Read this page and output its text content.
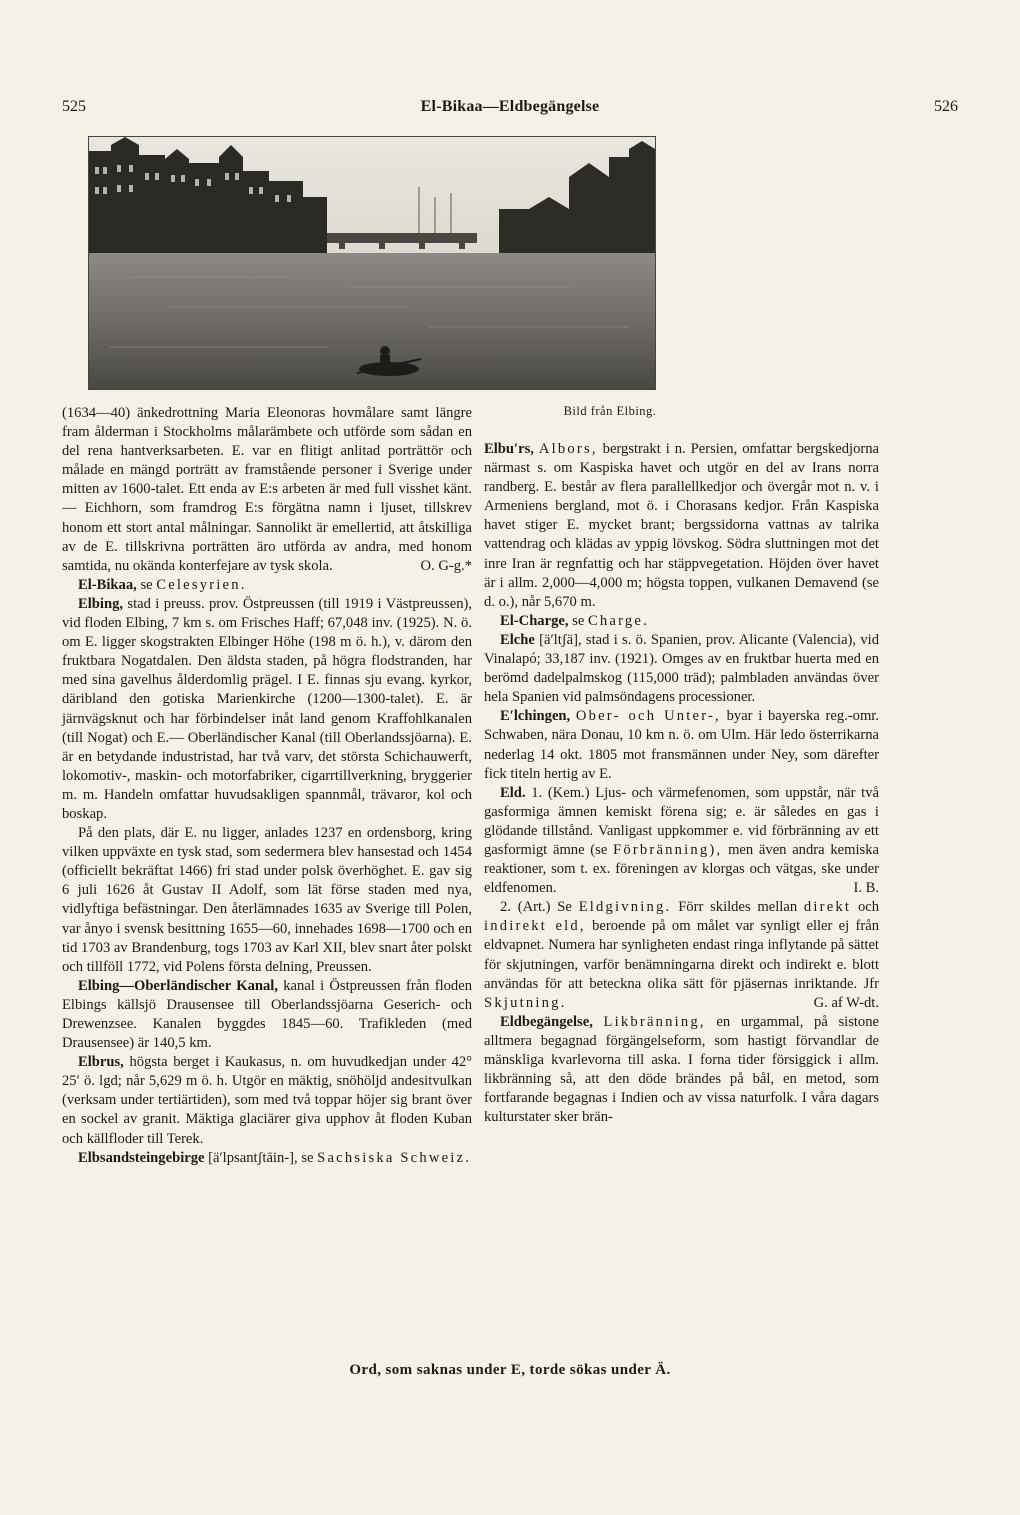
525	El-Bikaa—Eldbegängelse	526

(1634—40) änkedrottning Maria Eleonoras hovmålare samt längre fram ålderman i Stockholms målarämbete och utförde som sådan en del rena hantverksarbeten. E. var en flitigt anlitad porträttör och målade en mängd porträtt av framstående personer i Sverige under mitten av 1600-talet. Ett enda av E:s arbeten är med full visshet känt. — Eichhorn, som framdrog E:s förgätna namn i ljuset, tillskrev honom ett stort antal målningar. Sannolikt är emellertid, att åtskilliga av de E. tillskrivna porträtten äro utförda av andra, med honom samtida, nu okända konterfejare av tysk skola.	O. G-g.*

El-Bikaa, se Celesyrien.

Elbing, stad i preuss. prov. Östpreussen (till 1919 i Västpreussen), vid floden Elbing, 7 km s. om Frisches Haff; 67,048 inv. (1925). N. ö. om E. ligger skogstrakten Elbinger Höhe (198 m ö. h.), v. därom den fruktbara Nogatdalen. Den äldsta staden, på högra flodstranden, har med sina gavelhus ålderdomlig prägel. I E. finnas sju evang. kyrkor, däribland den gotiska Marienkirche (1200—1300-talet). E. är järnvägsknut och har förbindelser inåt land genom Kraffohlkanalen (till Nogat) och E.— Oberländischer Kanal (till Oberlandssjöarna). E. är en betydande industristad, har två varv, det största Schichauwerft, lokomotiv-, maskin- och motorfabriker, cigarrtillverkning, bryggerier m. m. Handeln omfattar huvudsakligen spannmål, trävaror, kol och boskap.

På den plats, där E. nu ligger, anlades 1237 en ordensborg, kring vilken uppväxte en tysk stad, som sedermera blev hansestad och 1454 (officiellt bekräftat 1466) fri stad under polsk överhöghet. E. gav sig 6 juli 1626 åt Gustav II Adolf, som lät förse staden med nya, vidlyftiga befästningar. Den återlämnades 1635 av Sverige till Polen, var ånyo i svensk besittning 1655—60, innehades 1698—1700 och en tid 1703 av Brandenburg, togs 1703 av Karl XII, blev snart åter polskt och tillföll 1772, vid Polens första delning, Preussen.

Elbing—Oberländischer Kanal, kanal i Östpreussen från floden Elbings källsjö Drausensee till Oberlandssjöarna Geserich- och Drewenzsee. Kanalen byggdes 1845—60. Trafikleden (med Drausensee) är 140,5 km.

Elbrus, högsta berget i Kaukasus, n. om huvudkedjan under 42° 25′ ö. lgd; når 5,629 m ö. h. Utgör en mäktig, snöhöljd andesitvulkan (verksam under tertiärtiden), som med två toppar höjer sig brant över en sockel av granit. Mäktiga glaciärer giva upphov åt floden Kuban och källfloder till Terek.

Elbsandsteingebirge [äʹlpsantʃtāin-], se Sachsiska Schweiz.

Bild från Elbing.

Elbuʹrs, Albors, bergstrakt i n. Persien, omfattar bergskedjorna närmast s. om Kaspiska havet och utgör en del av Irans norra randberg. E. består av flera parallellkedjor och övergår mot n. v. i Armeniens bergland, mot ö. i Chorasans kedjor. Från Kaspiska havet stiger E. mycket brant; bergssidorna vattnas av talrika vattendrag och klädas av yppig lövskog. Södra sluttningen mot det inre Iran är regnfattig och har stäppvegetation. Höjden över havet är i allm. 2,000—4,000 m; högsta toppen, vulkanen Demavend (se d. o.), når 5,670 m.

El-Charge, se Charge.

Elche [äʹltʃä], stad i s. ö. Spanien, prov. Alicante (Valencia), vid Vinalapó; 33,187 inv. (1921). Omges av en fruktbar huerta med en berömd dadelpalmskog (115,000 träd); palmbladen användas över hela Spanien vid palmsöndagens processioner.

Eʹlchingen, Ober- och Unter-, byar i bayerska reg.-omr. Schwaben, nära Donau, 10 km n. ö. om Ulm. Här ledo österrikarna nederlag 14 okt. 1805 mot fransmännen under Ney, som därefter fick titeln hertig av E.

Eld. 1. (Kem.) Ljus- och värmefenomen, som uppstår, när två gasformiga ämnen kemiskt förena sig; e. är således en gas i glödande tillstånd. Vanligast uppkommer e. vid förbränning av ett gasformigt ämne (se Förbränning), men även andra kemiska reaktioner, som t. ex. föreningen av klorgas och vätgas, ske under eldfenomen.	I. B.

2. (Art.) Se Eldgivning. Förr skildes mellan direkt och indirekt eld, beroende på om målet var synligt eller ej från eldvapnet. Numera har synligheten endast ringa inflytande på sättet för skjutningen, varför benämningarna direkt och indirekt e. blott användas för att beteckna olika sätt för pjäsernas inriktande. Jfr Skjutning.	G. af W-dt.

Eldbegängelse, Likbränning, en urgammal, på sistone alltmera begagnad förgängelseform, som hastigt förvandlar de mänskliga kvarlevorna till aska. I forna tider försiggick i allm. likbränning så, att den döde brändes på bål, en metod, som fortfarande begagnas i Indien och av vissa naturfolk. I våra dagars kulturstater sker brän-

Ord, som saknas under E, torde sökas under Ä.
